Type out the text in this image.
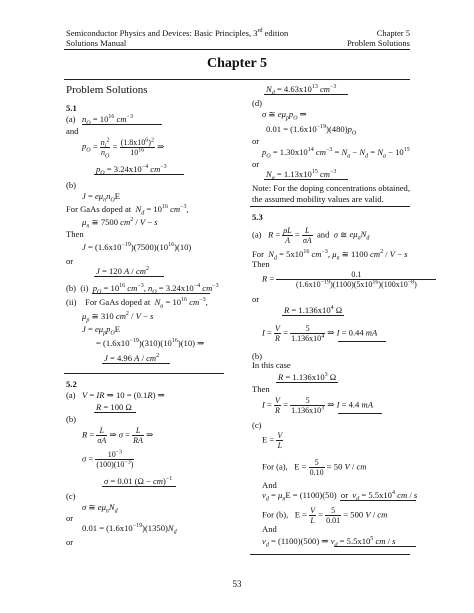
Semiconductor Physics and Devices: Basic Principles, 3rd edition
Solutions Manual
Chapter 5
Problem Solutions
Chapter 5
Problem Solutions
5.1
(a)   $n_O = 10^{16}$ $cm^{-3}$
and
$p_O = \frac{n_i^2}{n_O} = \frac{(1.8x10^6)^2}{10^{16}}$ ⇒
$p_O = 3.24x10^{-4}$ $cm^{-3}$
(b)
$J = e\mu_nn_OE$
For GaAs doped at  $N_d = 10^{16}$ $cm^{-3}$,
$\mu_n$ ≅ 7500 $cm^2 / V - s$
Then
$J = (1.6x10^{-19})(7500)(10^{16})(10)$
or
J = 120 A / $cm^2$
(b)  (i)  $p_O = 10^{16}$ $cm^{-3}$, $n_O = 3.24x10^{-4}$ $cm^{-3}$
(ii)    For GaAs doped at  $N_a = 10^{16}$ $cm^{-3}$,
$\mu_p$ ≅ 310 $cm^2 / V - s$
$J = e\mu_pp_OE$
= $(1.6x10^{-19})(310)(10^{16})(10)$ ⇒
J = 4.96 A / $cm^2$
5.2
(a)   V = IR ⇒ 10 = (0.1R) ⇒
R = 100 Ω
(b)
$R = \frac{L}{\sigma A}$ ⇒ $\sigma = \frac{L}{RA}$ ⇒
$\sigma = \frac{10^{-3}}{(100)(10^{-3})}$
σ = 0.01 (Ω − cm)$^{-1}$
(c)
σ ≅ $e\mu_nN_d$
or
$0.01 = (1.6x10^{-19})(1350)N_d$
or
$N_d = 4.63x10^{13}$ $cm^{-3}$
(d)
σ ≅ $e\mu_pp_O$ ⇒
$0.01 = (1.6x10^{-19})(480)p_O$
or
$p_O = 1.30x10^{14}$ $cm^{-3} = N_a - N_d = N_a - 10^{15}$
or
$N_a = 1.13x10^{15}$ $cm^{-3}$
Note: For the doping concentrations obtained,
the assumed mobility values are valid.
5.3
(a)   $R = \frac{\rho L}{A} = \frac{L}{\sigma A}$ and  σ ≅ $e\mu_nN_d$
For  $N_d = 5x10^{16}$ $cm^{-3}$, $\mu_n$ ≅ 1100 $cm^2 / V - s$
Then
$R = \frac{0.1}{(1.6x10^{-19})(1100)(5x10^{16})(100x10^{-8})}$
or
$R = 1.136x10^4$ Ω
$I = \frac{V}{R} = \frac{5}{1.136x10^4}$ ⇒ I = 0.44 mA
(b)
In this case
$R = 1.136x10^3$ Ω
Then
$I = \frac{V}{R} = \frac{5}{1.136x10^3}$ ⇒ I = 4.4 mA
(c)
$E = \frac{V}{L}$
For (a),   $E = \frac{5}{0.10} = 50$ V / cm
And
$v_d = \mu_nE = (1100)(50)$  or  $v_d = 5.5x10^4$ cm / s
For (b),   $E = \frac{V}{L} = \frac{5}{0.01} = 500$ V / cm
And
$v_d = (1100)(500)$ ⇒ $v_d = 5.5x10^5$ cm / s
53
